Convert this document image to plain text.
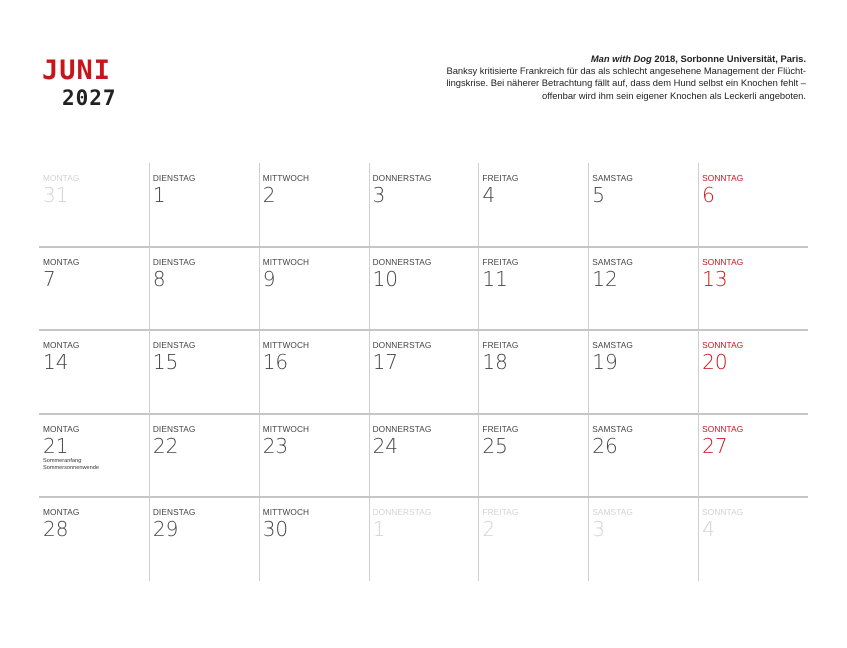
JUNI
2027
Man with Dog 2018, Sorbonne Universität, Paris.
Banksy kritisierte Frankreich für das als schlecht angesehene Management der Flücht-
lingskrise. Bei näherer Betrachtung fällt auf, dass dem Hund selbst ein Knochen fehlt –
offenbar wird ihm sein eigener Knochen als Leckerli angeboten.
MONTAG
31
DIENSTAG
1
MITTWOCH
2
DONNERSTAG
3
FREITAG
4
SAMSTAG
5
SONNTAG
6
MONTAG
7
DIENSTAG
8
MITTWOCH
9
DONNERSTAG
10
FREITAG
11
SAMSTAG
12
SONNTAG
13
MONTAG
14
DIENSTAG
15
MITTWOCH
16
DONNERSTAG
17
FREITAG
18
SAMSTAG
19
SONNTAG
20
MONTAG
21
Sommeranfang
Sommersonnenwende
DIENSTAG
22
MITTWOCH
23
DONNERSTAG
24
FREITAG
25
SAMSTAG
26
SONNTAG
27
MONTAG
28
DIENSTAG
29
MITTWOCH
30
DONNERSTAG
1
FREITAG
2
SAMSTAG
3
SONNTAG
4
